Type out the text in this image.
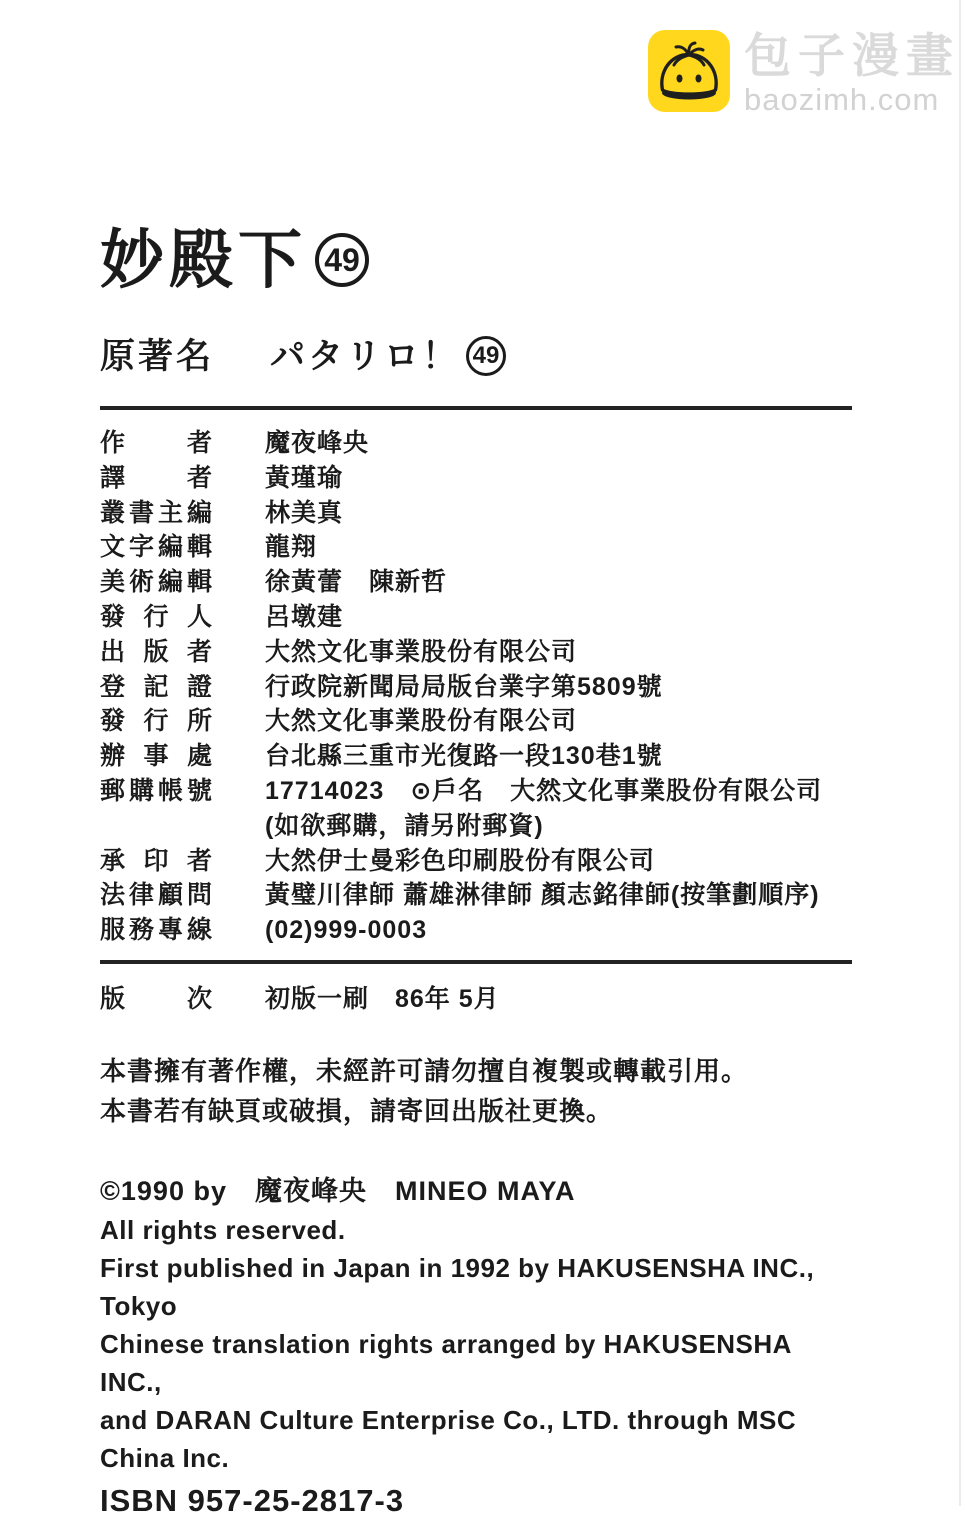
包子漫畫
baozimh.com
妙殿下 49
原著名 パタリロ！ 49
作者 魔夜峰央
譯者 黃瑾瑜
叢書主編 林美真
文字編輯 龍翔
美術編輯 徐黃蕾　陳新哲
發行人 呂墩建
出版者 大然文化事業股份有限公司
登記證 行政院新聞局局版台業字第5809號
發行所 大然文化事業股份有限公司
辦事處 台北縣三重市光復路一段130巷1號
郵購帳號 17714023　⊙戶名　大然文化事業股份有限公司
(如欲郵購，請另附郵資)
承印者 大然伊士曼彩色印刷股份有限公司
法律顧問 黃璧川律師 蕭雄淋律師 顏志銘律師(按筆劃順序)
服務專線 (02)999-0003
版次 初版一刷　86年 5月
本書擁有著作權，未經許可請勿擅自複製或轉載引用。
本書若有缺頁或破損，請寄回出版社更換。
©1990 by　魔夜峰央　MINEO MAYA
All rights reserved.
First published in Japan in 1992 by HAKUSENSHA INC., Tokyo
Chinese translation rights arranged by HAKUSENSHA INC.,
and DARAN Culture Enterprise Co., LTD. through MSC China Inc.
ISBN 957-25-2817-3
